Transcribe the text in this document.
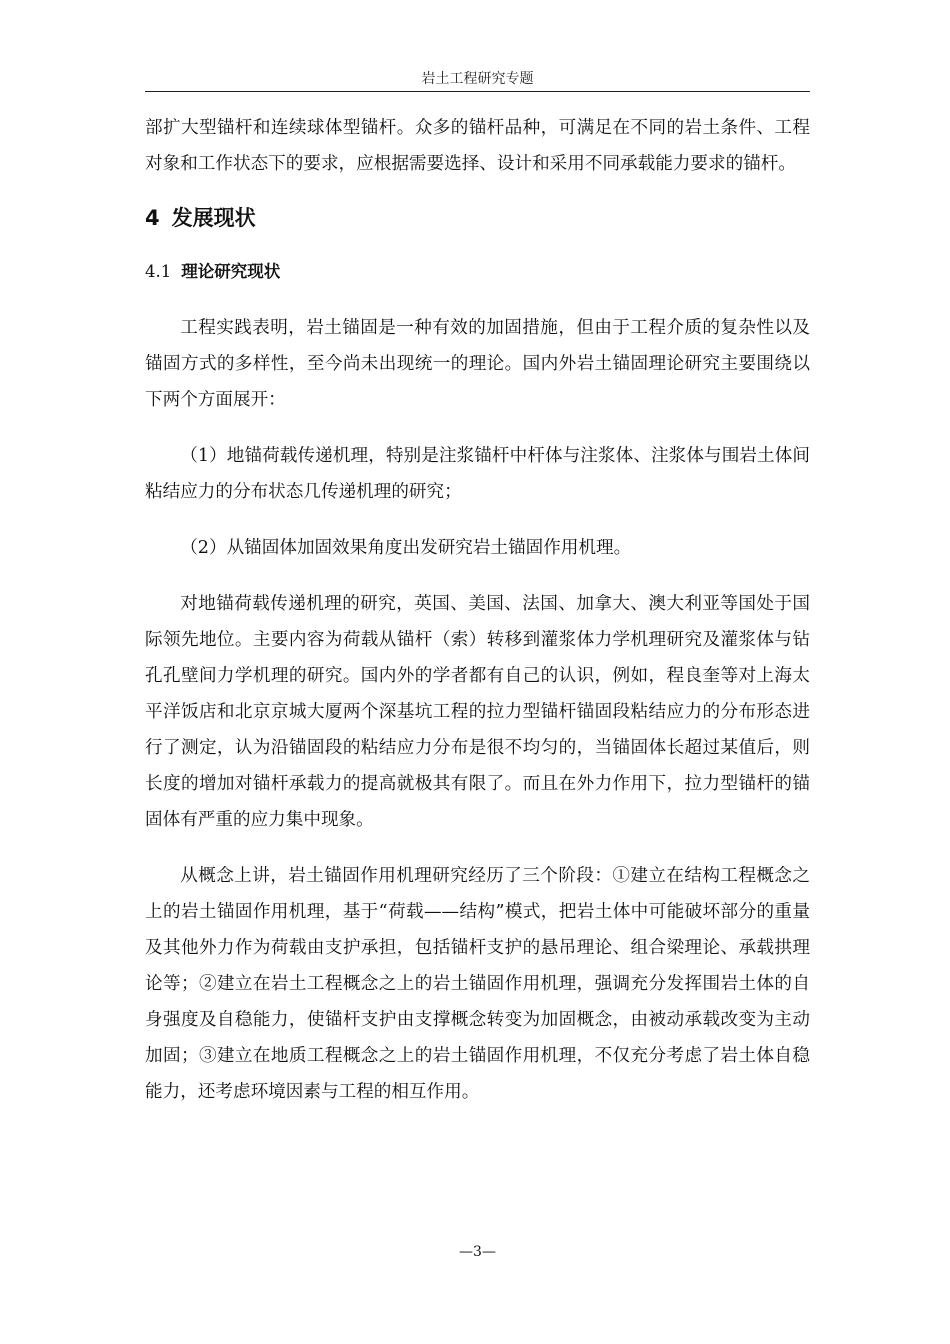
岩土工程研究专题

部扩大型锚杆和连续球体型锚杆。众多的锚杆品种，可满足在不同的岩土条件、工程对象和工作状态下的要求，应根据需要选择、设计和采用不同承载能力要求的锚杆。

4 发展现状
4.1 理论研究现状

工程实践表明，岩土锚固是一种有效的加固措施，但由于工程介质的复杂性以及锚固方式的多样性，至今尚未出现统一的理论。国内外岩土锚固理论研究主要围绕以下两个方面展开：

（1）地锚荷载传递机理，特别是注浆锚杆中杆体与注浆体、注浆体与围岩土体间粘结应力的分布状态几传递机理的研究；

（2）从锚固体加固效果角度出发研究岩土锚固作用机理。

对地锚荷载传递机理的研究，英国、美国、法国、加拿大、澳大利亚等国处于国际领先地位。主要内容为荷载从锚杆（索）转移到灌浆体力学机理研究及灌浆体与钻孔孔壁间力学机理的研究。国内外的学者都有自己的认识，例如，程良奎等对上海太平洋饭店和北京京城大厦两个深基坑工程的拉力型锚杆锚固段粘结应力的分布形态进行了测定，认为沿锚固段的粘结应力分布是很不均匀的，当锚固体长超过某值后，则长度的增加对锚杆承载力的提高就极其有限了。而且在外力作用下，拉力型锚杆的锚固体有严重的应力集中现象。

从概念上讲，岩土锚固作用机理研究经历了三个阶段：①建立在结构工程概念之上的岩土锚固作用机理，基于“荷载——结构”模式，把岩土体中可能破坏部分的重量及其他外力作为荷载由支护承担，包括锚杆支护的悬吊理论、组合梁理论、承载拱理论等；②建立在岩土工程概念之上的岩土锚固作用机理，强调充分发挥围岩土体的自身强度及自稳能力，使锚杆支护由支撑概念转变为加固概念，由被动承载改变为主动加固；③建立在地质工程概念之上的岩土锚固作用机理，不仅充分考虑了岩土体自稳能力，还考虑环境因素与工程的相互作用。

—3—
